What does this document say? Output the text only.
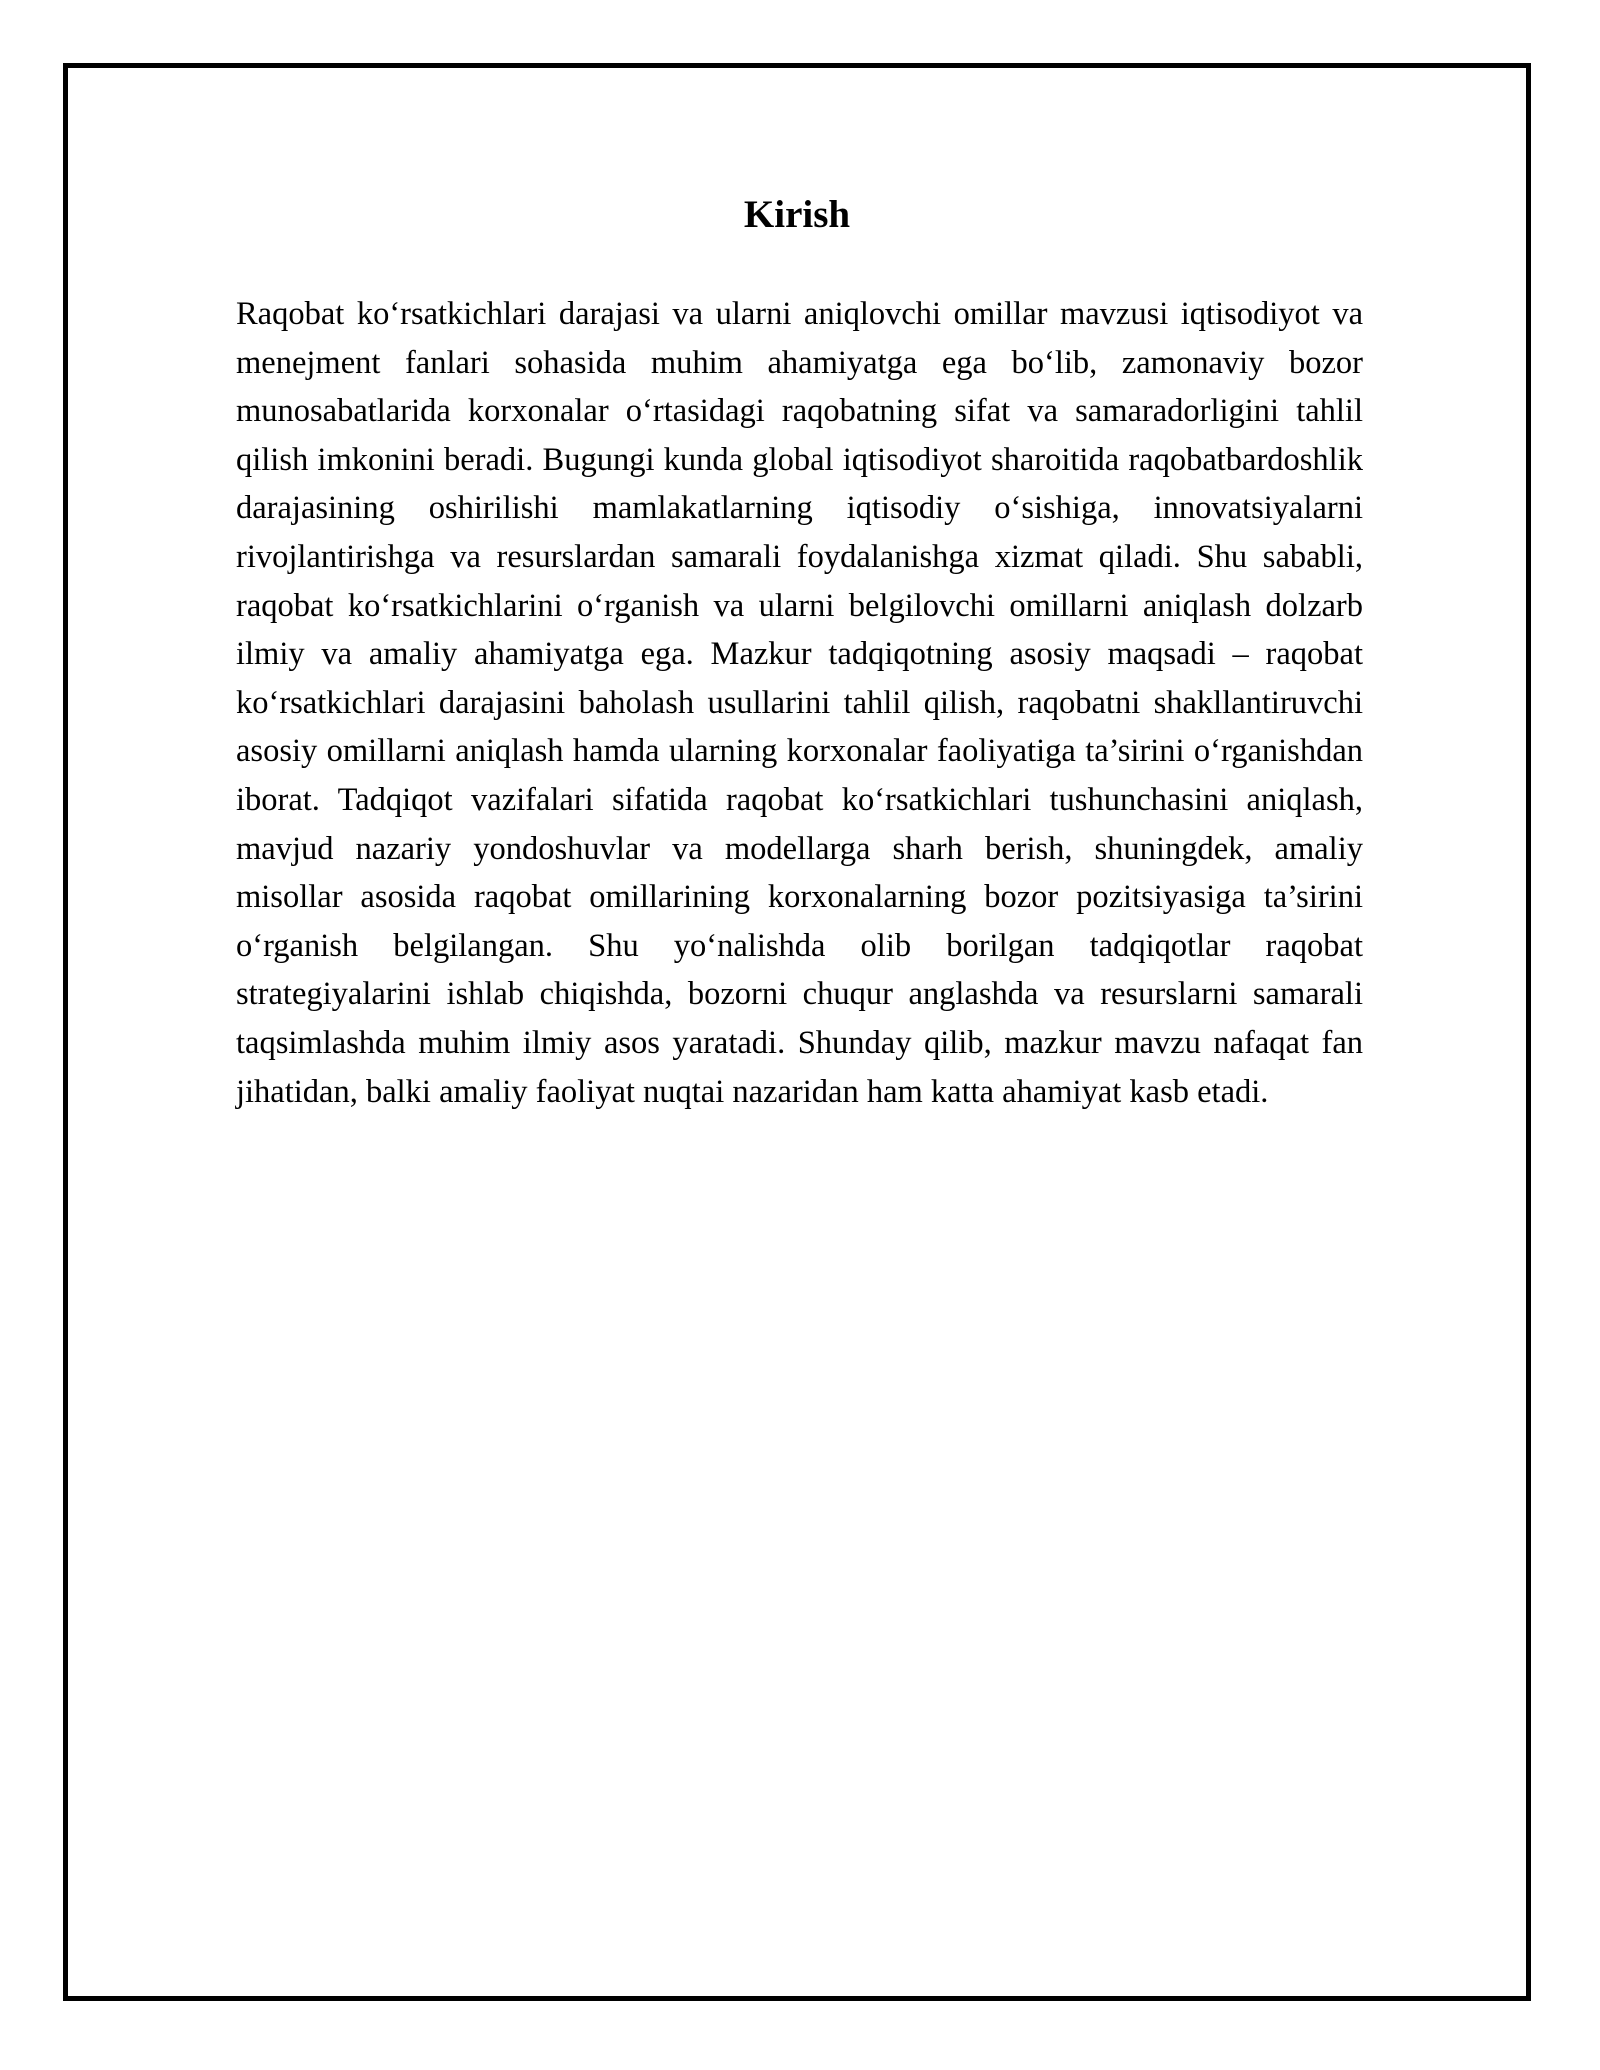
Kirish

Raqobat ko‘rsatkichlari darajasi va ularni aniqlovchi omillar mavzusi iqtisodiyot va menejment fanlari sohasida muhim ahamiyatga ega bo‘lib, zamonaviy bozor munosabatlarida korxonalar o‘rtasidagi raqobatning sifat va samaradorligini tahlil qilish imkonini beradi. Bugungi kunda global iqtisodiyot sharoitida raqobatbardoshlik darajasining oshirilishi mamlakatlarning iqtisodiy o‘sishiga, innovatsiyalarni rivojlantirishga va resurslardan samarali foydalanishga xizmat qiladi. Shu sababli, raqobat ko‘rsatkichlarini o‘rganish va ularni belgilovchi omillarni aniqlash dolzarb ilmiy va amaliy ahamiyatga ega. Mazkur tadqiqotning asosiy maqsadi – raqobat ko‘rsatkichlari darajasini baholash usullarini tahlil qilish, raqobatni shakllantiruvchi asosiy omillarni aniqlash hamda ularning korxonalar faoliyatiga ta’sirini o‘rganishdan iborat. Tadqiqot vazifalari sifatida raqobat ko‘rsatkichlari tushunchasini aniqlash, mavjud nazariy yondoshuvlar va modellarga sharh berish, shuningdek, amaliy misollar asosida raqobat omillarining korxonalarning bozor pozitsiyasiga ta’sirini o‘rganish belgilangan. Shu yo‘nalishda olib borilgan tadqiqotlar raqobat strategiyalarini ishlab chiqishda, bozorni chuqur anglashda va resurslarni samarali taqsimlashda muhim ilmiy asos yaratadi. Shunday qilib, mazkur mavzu nafaqat fan jihatidan, balki amaliy faoliyat nuqtai nazaridan ham katta ahamiyat kasb etadi.
